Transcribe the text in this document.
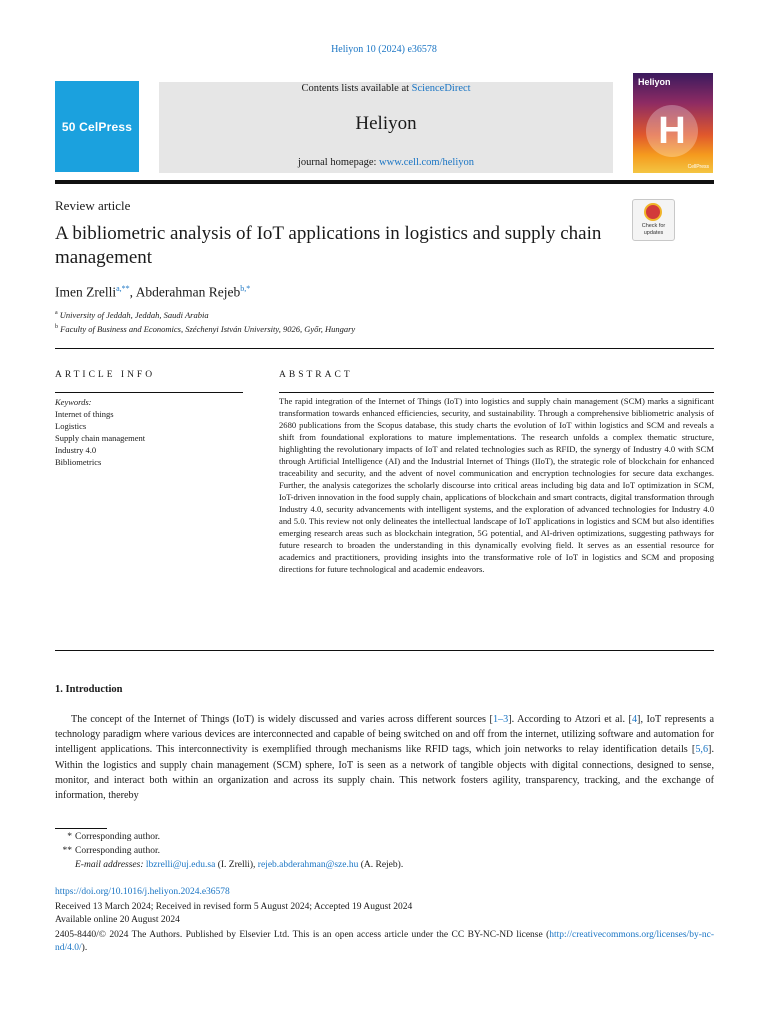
Heliyon 10 (2024) e36578
50 CelPress
Contents lists available at ScienceDirect
Heliyon
journal homepage: www.cell.com/heliyon
Heliyon
H
CellPress
Review article
Check for updates
A bibliometric analysis of IoT applications in logistics and supply chain management
Imen Zrelli$^{a,**}$, Abderahman Rejeb$^{b,*}$
$^a$ University of Jeddah, Jeddah, Saudi Arabia
$^b$ Faculty of Business and Economics, Széchenyi István University, 9026, Győr, Hungary
ARTICLE INFO	ABSTRACT
Keywords:
Internet of things
Logistics
Supply chain management
Industry 4.0
Bibliometrics
The rapid integration of the Internet of Things (IoT) into logistics and supply chain management (SCM) marks a significant transformation towards enhanced efficiencies, security, and sustainability. Through a comprehensive bibliometric analysis of 2680 publications from the Scopus database, this study charts the evolution of IoT within logistics and SCM and reveals a shift from foundational explorations to mature implementations. The research unfolds a complex thematic structure, highlighting the revolutionary impacts of IoT and related technologies such as RFID, the synergy of Industry 4.0 with SCM through Artificial Intelligence (AI) and the Industrial Internet of Things (IIoT), the strategic role of blockchain for enhanced traceability and security, and the advent of novel communication and encryption technologies for secure data exchanges. Further, the analysis categorizes the scholarly discourse into critical areas including big data and IoT optimization in SCM, IoT-driven innovation in the food supply chain, applications of blockchain and smart contracts, digital transformation through Industry 4.0, security advancements with intelligent systems, and the exploration of advanced technologies for Industry 4.0 and 5.0. This review not only delineates the intellectual landscape of IoT applications in logistics and SCM but also identifies emerging research areas such as blockchain integration, 5G potential, and AI-driven optimizations, suggesting pathways for future research to broaden the understanding in this dynamically evolving field. It serves as an essential resource for academics and practitioners, providing insights into the transformative role of IoT in logistics and SCM and proposing directions for future technological and academic endeavors.
1. Introduction
The concept of the Internet of Things (IoT) is widely discussed and varies across different sources [1–3]. According to Atzori et al. [4], IoT represents a technology paradigm where various devices are interconnected and capable of being switched on and off from the internet, utilizing software and automation for intelligent applications. This interconnectivity is exemplified through mechanisms like RFID tags, which join networks to relay identification details [5,6]. Within the logistics and supply chain management (SCM) sphere, IoT is seen as a network of tangible objects with digital connections, designed to sense, monitor, and interact both within an organization and across its supply chain. This network fosters agility, transparency, tracking, and the exchange of information, thereby
* Corresponding author.
** Corresponding author.
E-mail addresses: lbzrelli@uj.edu.sa (I. Zrelli), rejeb.abderahman@sze.hu (A. Rejeb).
https://doi.org/10.1016/j.heliyon.2024.e36578
Received 13 March 2024; Received in revised form 5 August 2024; Accepted 19 August 2024
Available online 20 August 2024
2405-8440/© 2024 The Authors. Published by Elsevier Ltd. This is an open access article under the CC BY-NC-ND license (http://creativecommons.org/licenses/by-nc-nd/4.0/).
